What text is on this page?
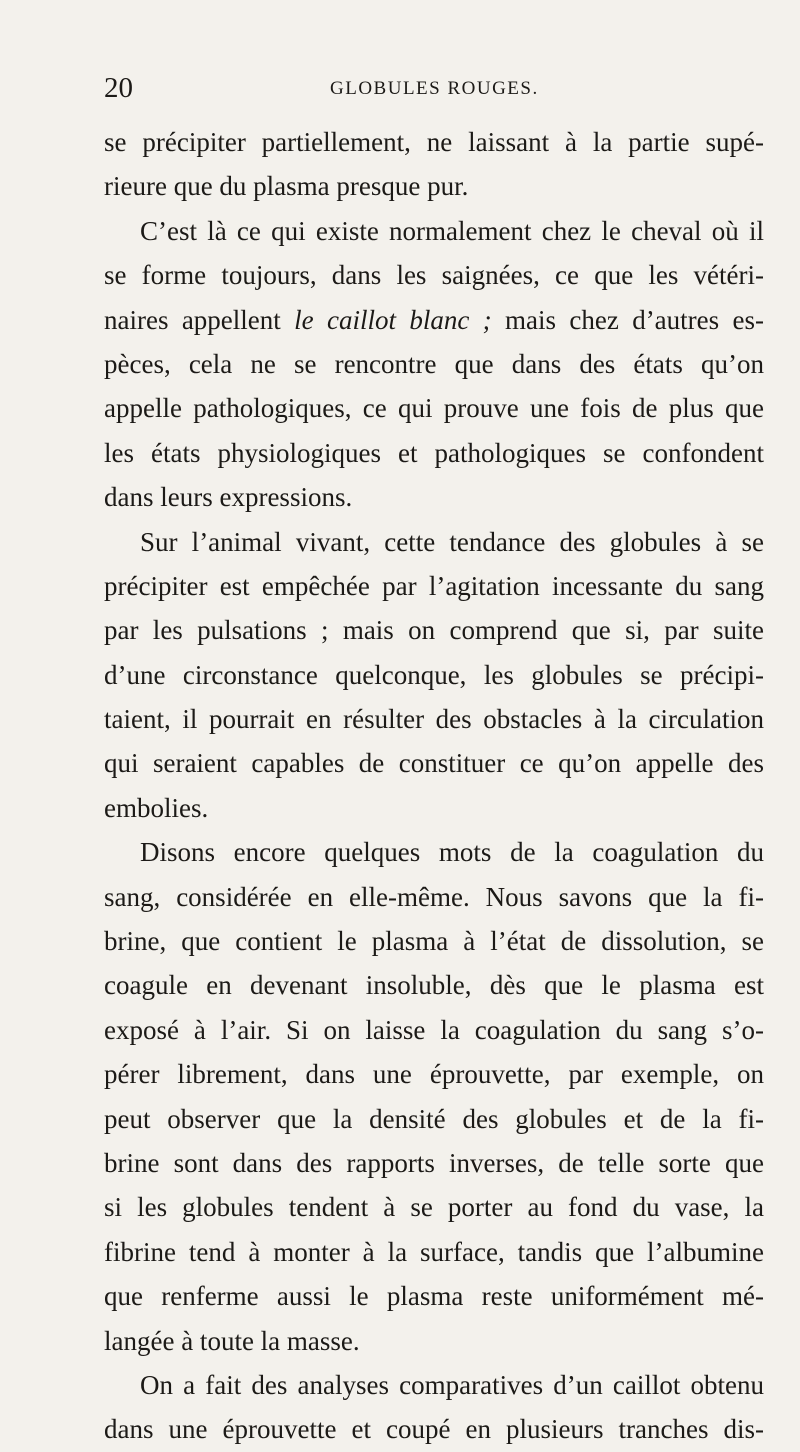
20	GLOBULES ROUGES.
se précipiter partiellement, ne laissant à la partie supé-
rieure que du plasma presque pur.
C’est là ce qui existe normalement chez le cheval où il
se forme toujours, dans les saignées, ce que les vétéri-
naires appellent le caillot blanc ; mais chez d’autres es-
pèces, cela ne se rencontre que dans des états qu’on
appelle pathologiques, ce qui prouve une fois de plus que
les états physiologiques et pathologiques se confondent
dans leurs expressions.
Sur l’animal vivant, cette tendance des globules à se
précipiter est empêchée par l’agitation incessante du sang
par les pulsations ; mais on comprend que si, par suite
d’une circonstance quelconque, les globules se précipi-
taient, il pourrait en résulter des obstacles à la circulation
qui seraient capables de constituer ce qu’on appelle des
embolies.
Disons encore quelques mots de la coagulation du
sang, considérée en elle-même. Nous savons que la fi-
brine, que contient le plasma à l’état de dissolution, se
coagule en devenant insoluble, dès que le plasma est
exposé à l’air. Si on laisse la coagulation du sang s’o-
pérer librement, dans une éprouvette, par exemple, on
peut observer que la densité des globules et de la fi-
brine sont dans des rapports inverses, de telle sorte que
si les globules tendent à se porter au fond du vase, la
fibrine tend à monter à la surface, tandis que l’albumine
que renferme aussi le plasma reste uniformément mé-
langée à toute la masse.
On a fait des analyses comparatives d’un caillot obtenu
dans une éprouvette et coupé en plusieurs tranches dis-
